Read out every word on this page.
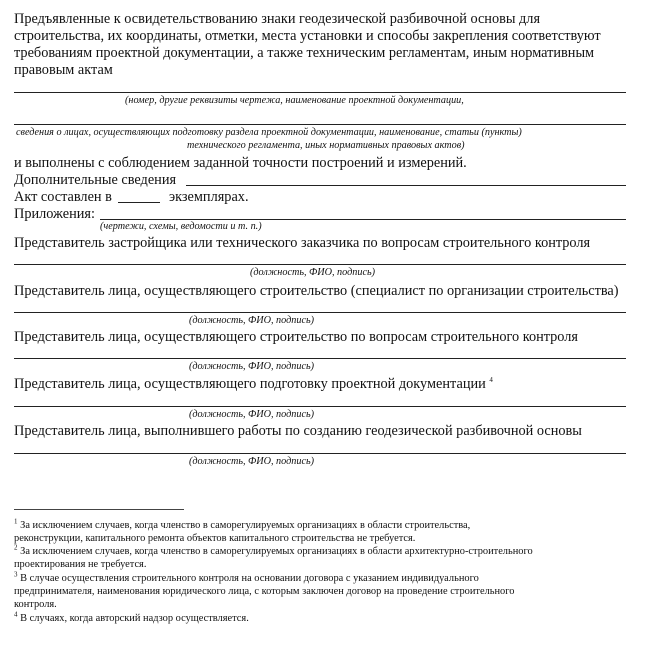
Предъявленные к освидетельствованию знаки геодезической разбивочной основы для
строительства, их координаты, отметки, места установки и способы закрепления соответствуют
требованиям проектной документации, а также техническим регламентам, иным нормативным
правовым актам
(номер, другие реквизиты чертежа, наименование проектной документации,
сведения о лицах, осуществляющих подготовку раздела проектной документации, наименование, статьи (пункты)
технического регламента, иных нормативных правовых актов)
и выполнены с соблюдением заданной точности построений и измерений.
Дополнительные сведения
Акт составлен в	экземплярах.
Приложения:
(чертежи, схемы, ведомости и т. п.)
Представитель застройщика или технического заказчика по вопросам строительного контроля
(должность, ФИО, подпись)
Представитель лица, осуществляющего строительство (специалист по организации строительства)
(должность, ФИО, подпись)
Представитель лица, осуществляющего строительство по вопросам строительного контроля
(должность, ФИО, подпись)
Представитель лица, осуществляющего подготовку проектной документации $^4$
(должность, ФИО, подпись)
Представитель лица, выполнившего работы по созданию геодезической разбивочной основы
(должность, ФИО, подпись)
$^1$ За исключением случаев, когда членство в саморегулируемых организациях в области строительства,
реконструкции, капитального ремонта объектов капитального строительства не требуется.
$^2$ За исключением случаев, когда членство в саморегулируемых организациях в области архитектурно-строительного
проектирования не требуется.
$^3$ В случае осуществления строительного контроля на основании договора с указанием индивидуального
предпринимателя, наименования юридического лица, с которым заключен договор на проведение строительного
контроля.
$^4$ В случаях, когда авторский надзор осуществляется.
